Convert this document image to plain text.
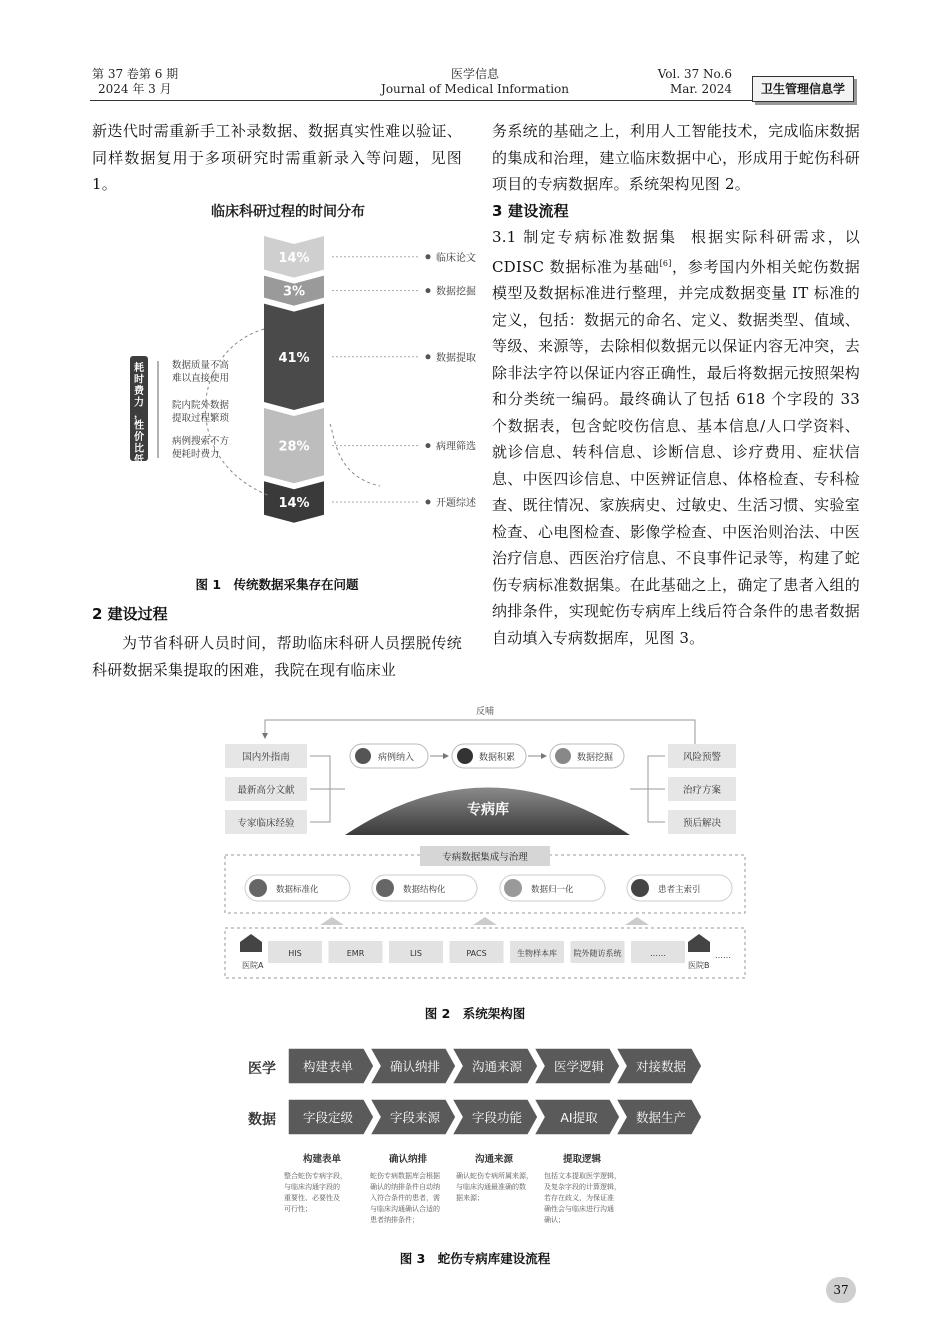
第 37 卷第 6 期
2024 年 3 月
医学信息
Journal of Medical Information
Vol. 37 No.6
Mar. 2024	卫生管理信息学
新迭代时需重新手工补录数据、数据真实性难以验证、同样数据复用于多项研究时需重新录入等问题，见图 1。
临床科研过程的时间分布
14%	临床论文
3%	数据挖掘
41%	数据提取
28%	病理筛选
14%	开题综述
耗时费力，性价比低
数据质量不高难以直接使用
院内院外数据提取过程繁琐
病例搜索不方便耗时费力
图 1　传统数据采集存在问题
2 建设过程
为节省科研人员时间，帮助临床科研人员摆脱传统科研数据采集提取的困难，我院在现有临床业
务系统的基础之上，利用人工智能技术，完成临床数据的集成和治理，建立临床数据中心，形成用于蛇伤科研项目的专病数据库。系统架构见图 2。
3 建设流程
3.1 制定专病标准数据集 根据实际科研需求，以 CDISC 数据标准为基础[6]，参考国内外相关蛇伤数据模型及数据标准进行整理，并完成数据变量 IT 标准的定义，包括：数据元的命名、定义、数据类型、值域、等级、来源等，去除相似数据元以保证内容无冲突，去除非法字符以保证内容正确性，最后将数据元按照架构和分类统一编码。最终确认了包括 618 个字段的 33 个数据表，包含蛇咬伤信息、基本信息/人口学资料、就诊信息、转科信息、诊断信息、诊疗费用、症状信息、中医四诊信息、中医辨证信息、体格检查、专科检查、既往情况、家族病史、过敏史、生活习惯、实验室检查、心电图检查、影像学检查、中医治则治法、中医治疗信息、西医治疗信息、不良事件记录等，构建了蛇伤专病标准数据集。在此基础之上，确定了患者入组的纳排条件，实现蛇伤专病库上线后符合条件的患者数据自动填入专病数据库，见图 3。
反哺
国内外指南
最新高分文献
专家临床经验
风险预警
治疗方案
预后解决
病例纳入	数据积累	数据挖掘
专病库
专病数据集成与治理
数据标准化	数据结构化	数据归一化	患者主索引
医院A	医院B
……
HIS	EMR	LIS	PACS	生物样本库 院外随访系统	……
图 2　系统架构图
医学
数据
构建表单	确认纳排	沟通来源	医学逻辑	对接数据
字段定级	字段来源	字段功能	AI提取	数据生产
构建表单
整合蛇伤专病字段，与临床沟通字段的重要性、必要性及可行性；
确认纳排
蛇伤专病数据库会根据确认的纳排条件自动纳入符合条件的患者，需与临床沟通确认合适的患者纳排条件；
沟通来源
确认蛇伤专病所属来源，与临床沟通最准确的数据来源；
提取逻辑
包括文本提取医学逻辑，及复杂字段的计算逻辑，若存在歧义，为保证准确性会与临床进行沟通确认；
图 3　蛇伤专病库建设流程
37
